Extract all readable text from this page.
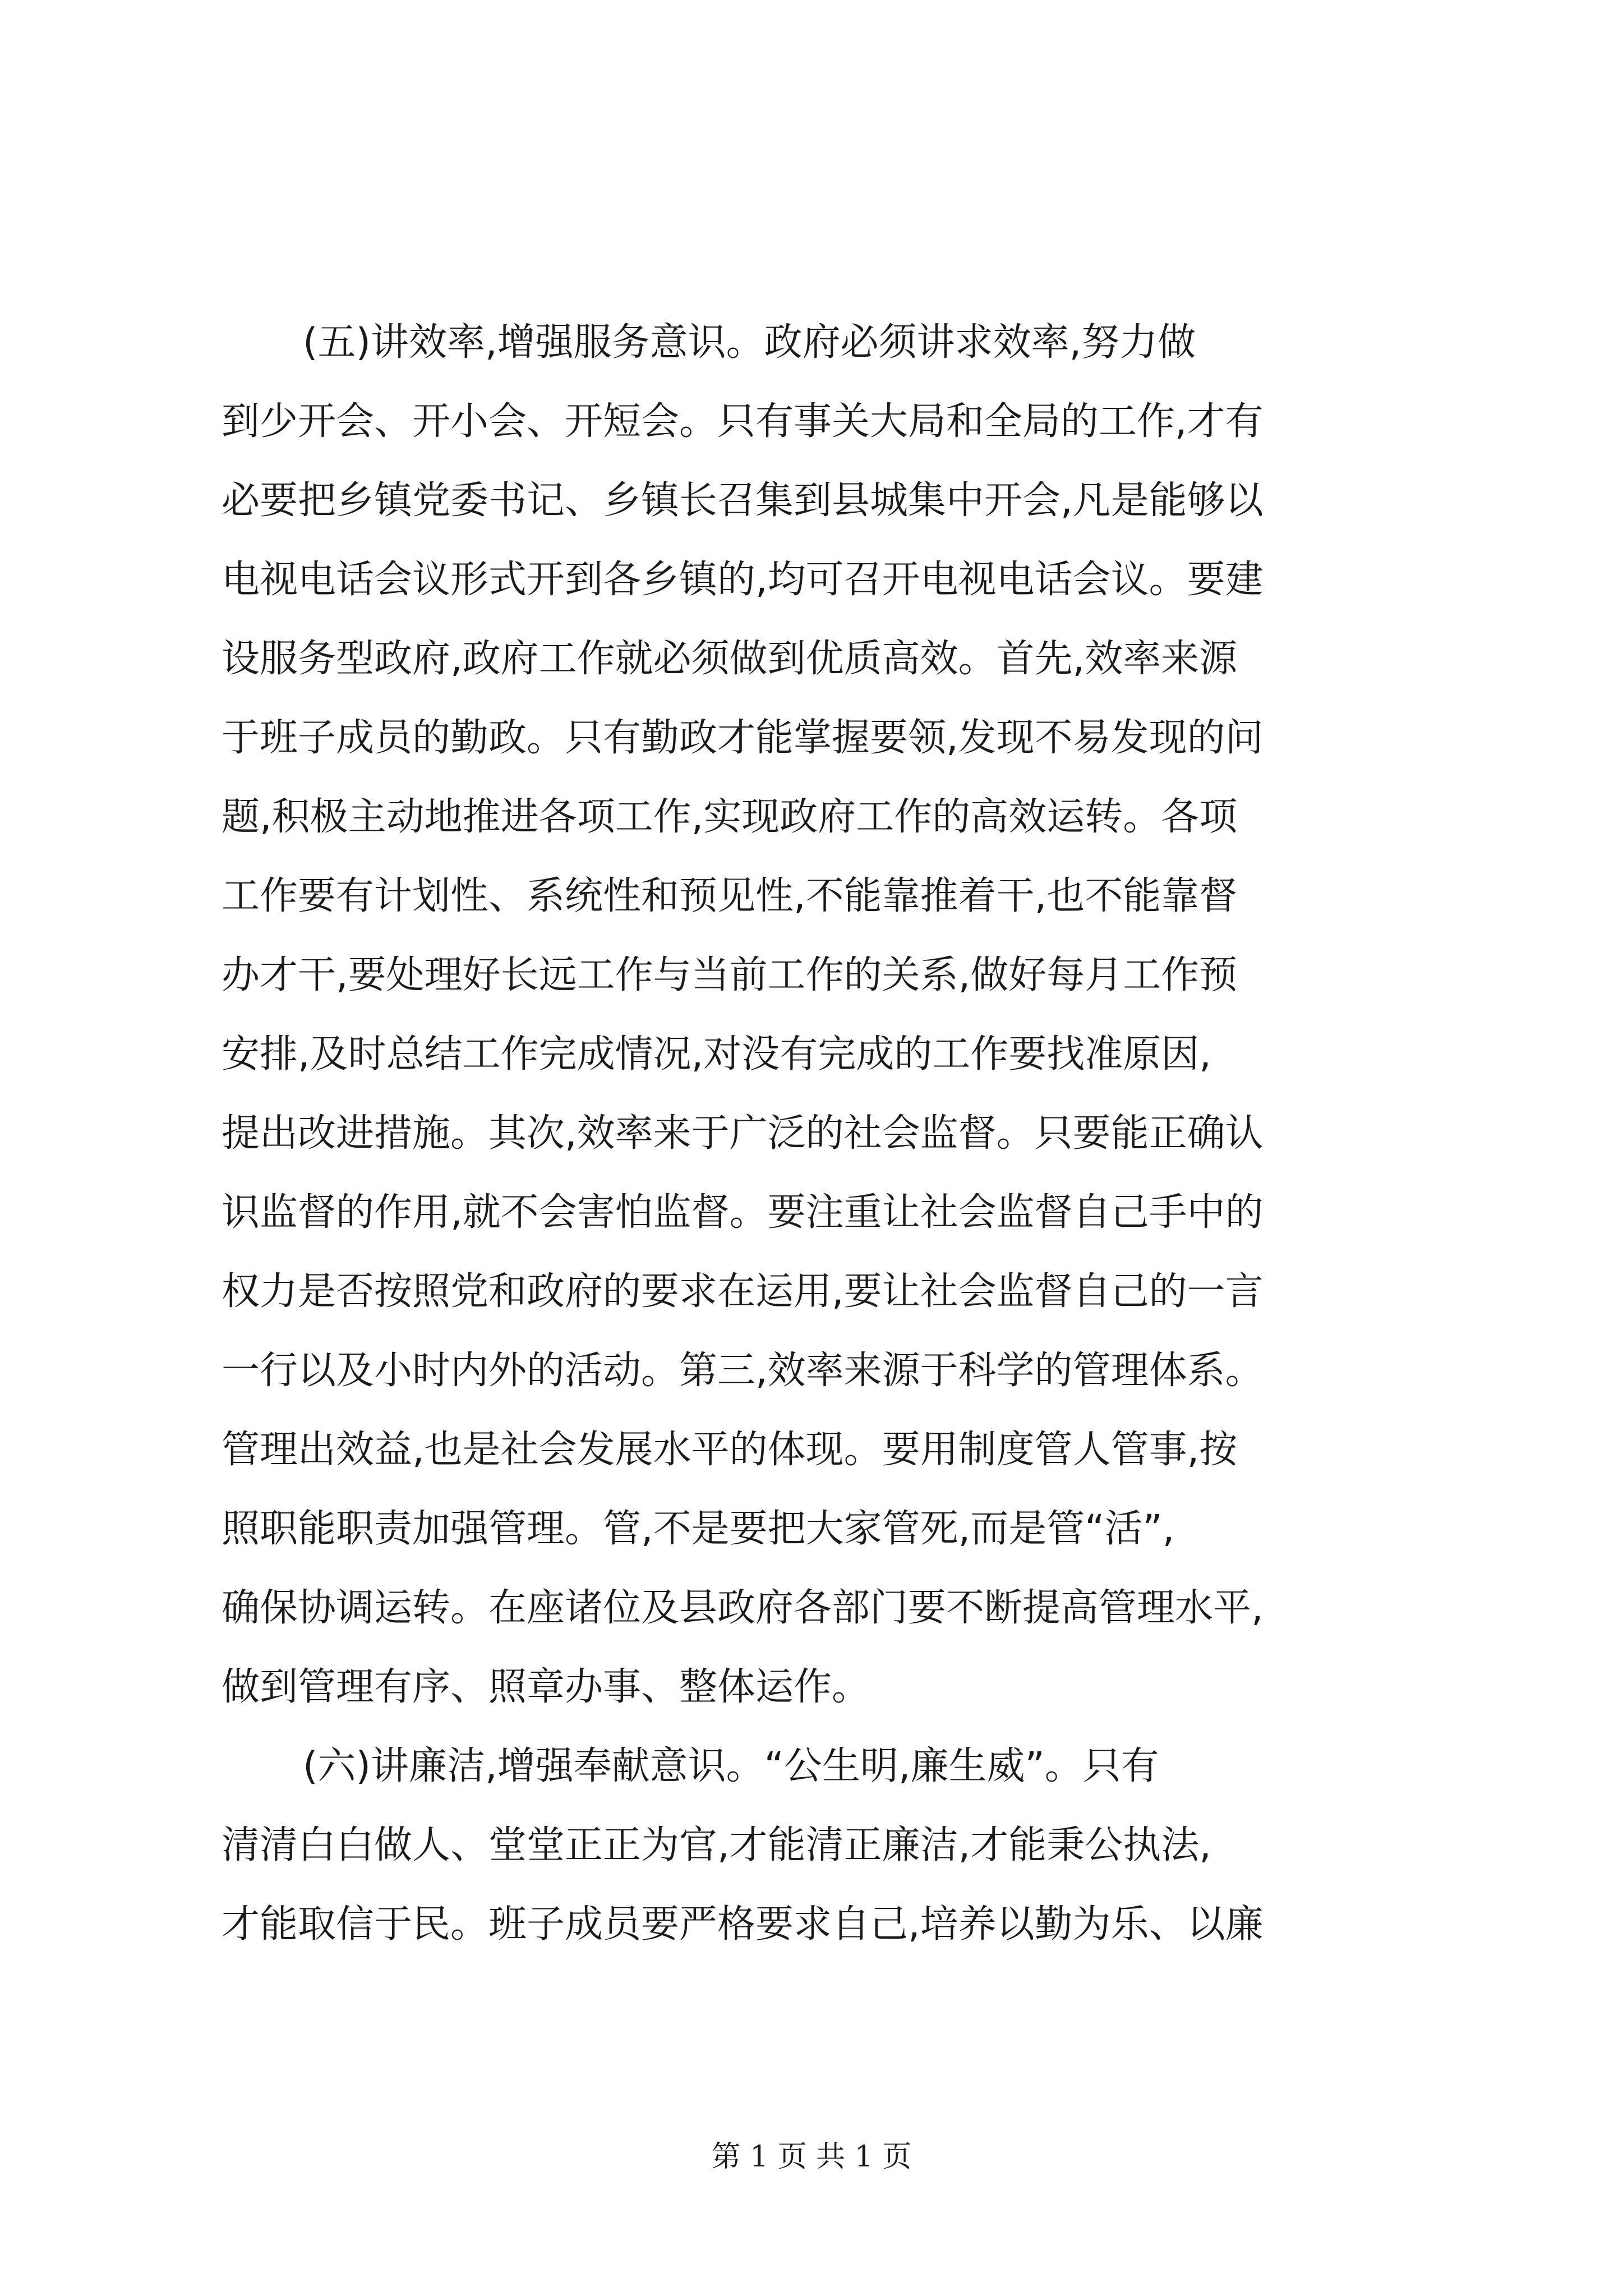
(五)讲效率,增强服务意识。政府必须讲求效率,努力做
到少开会、开小会、开短会。只有事关大局和全局的工作,才有
必要把乡镇党委书记、乡镇长召集到县城集中开会,凡是能够以
电视电话会议形式开到各乡镇的,均可召开电视电话会议。要建
设服务型政府,政府工作就必须做到优质高效。首先,效率来源
于班子成员的勤政。只有勤政才能掌握要领,发现不易发现的问
题,积极主动地推进各项工作,实现政府工作的高效运转。各项
工作要有计划性、系统性和预见性,不能靠推着干,也不能靠督
办才干,要处理好长远工作与当前工作的关系,做好每月工作预
安排,及时总结工作完成情况,对没有完成的工作要找准原因,
提出改进措施。其次,效率来于广泛的社会监督。只要能正确认
识监督的作用,就不会害怕监督。要注重让社会监督自己手中的
权力是否按照党和政府的要求在运用,要让社会监督自己的一言
一行以及小时内外的活动。第三,效率来源于科学的管理体系。
管理出效益,也是社会发展水平的体现。要用制度管人管事,按
照职能职责加强管理。管,不是要把大家管死,而是管“活”,
确保协调运转。在座诸位及县政府各部门要不断提高管理水平,
做到管理有序、照章办事、整体运作。
(六)讲廉洁,增强奉献意识。“公生明,廉生威”。只有
清清白白做人、堂堂正正为官,才能清正廉洁,才能秉公执法,
才能取信于民。班子成员要严格要求自己,培养以勤为乐、以廉
第 1 页 共 1 页
